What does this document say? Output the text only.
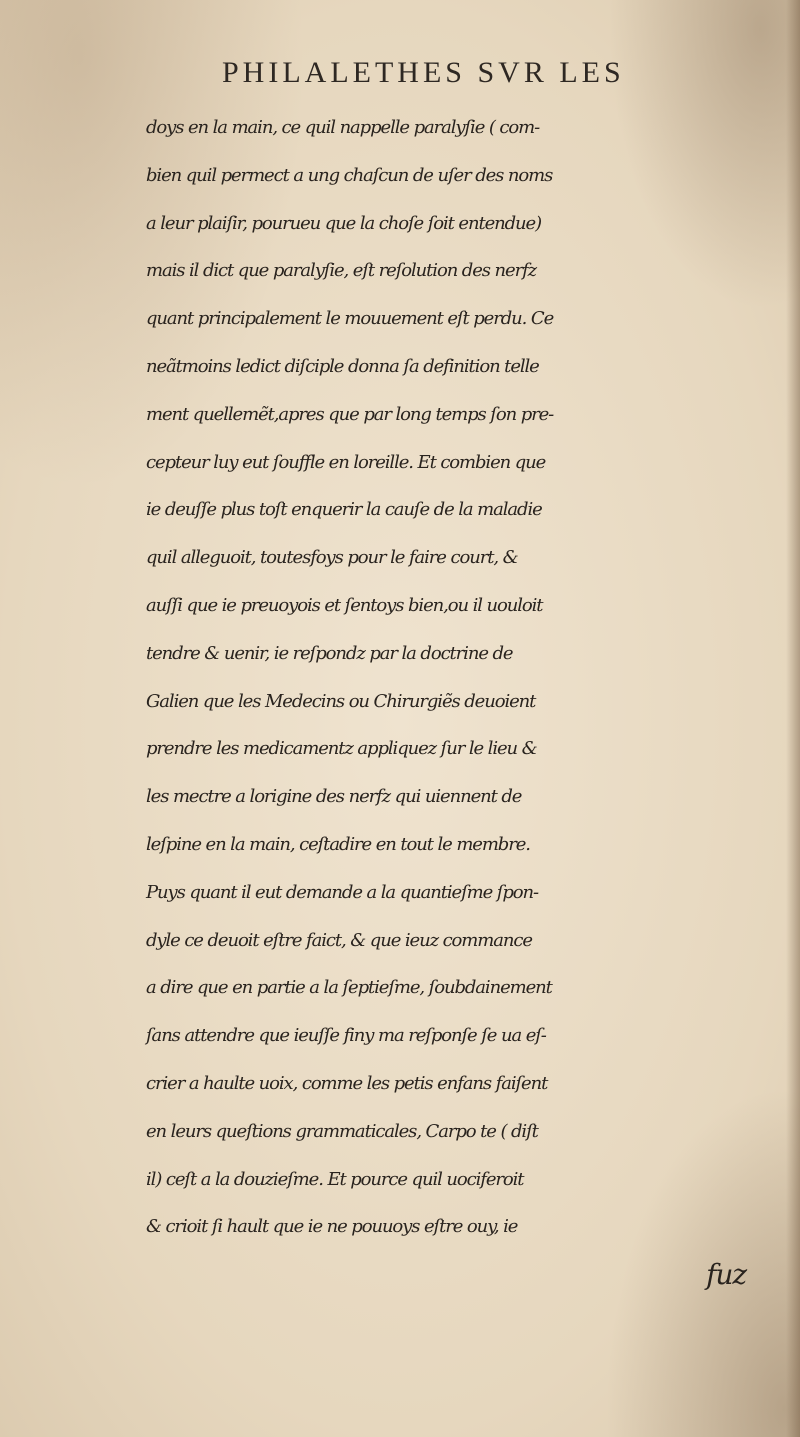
PHILALETHES SVR LES
doys en la main, ce quil nappelle paralyſie ( com-
bien quil permect a ung chaſcun de uſer des noms
a leur plaiſir, pourueu que la choſe ſoit entendue)
mais il dict que paralyſie, eſt reſolution des nerfz
quant principalement le mouuement eſt perdu. Ce
neãtmoins ledict diſciple donna ſa definition telle
ment quellemẽt,apres que par long temps ſon pre-
cepteur luy eut ſouffle en loreille. Et combien que
ie deuſſe plus toſt enquerir la cauſe de la maladie
quil alleguoit, toutesfoys pour le faire court, &
auſſi que ie preuoyois et ſentoys bien,ou il uouloit
tendre & uenir, ie reſpondz par la doctrine de
Galien que les Medecins ou Chirurgiẽs deuoient
prendre les medicamentz appliquez ſur le lieu &
les mectre a lorigine des nerfz qui uiennent de
leſpine en la main, ceſtadire en tout le membre.
Puys quant il eut demande a la quantieſme ſpon-
dyle ce deuoit eſtre faict, & que ieuz commance
a dire que en partie a la ſeptieſme, ſoubdainement
ſans attendre que ieuſſe finy ma reſponſe ſe ua eſ-
crier a haulte uoix, comme les petis enfans faiſent
en leurs queſtions grammaticales, Carpo te ( diſt
il) ceſt a la douzieſme. Et pource quil uociferoit
& crioit ſi hault que ie ne pouuoys eſtre ouy, ie
fuz
